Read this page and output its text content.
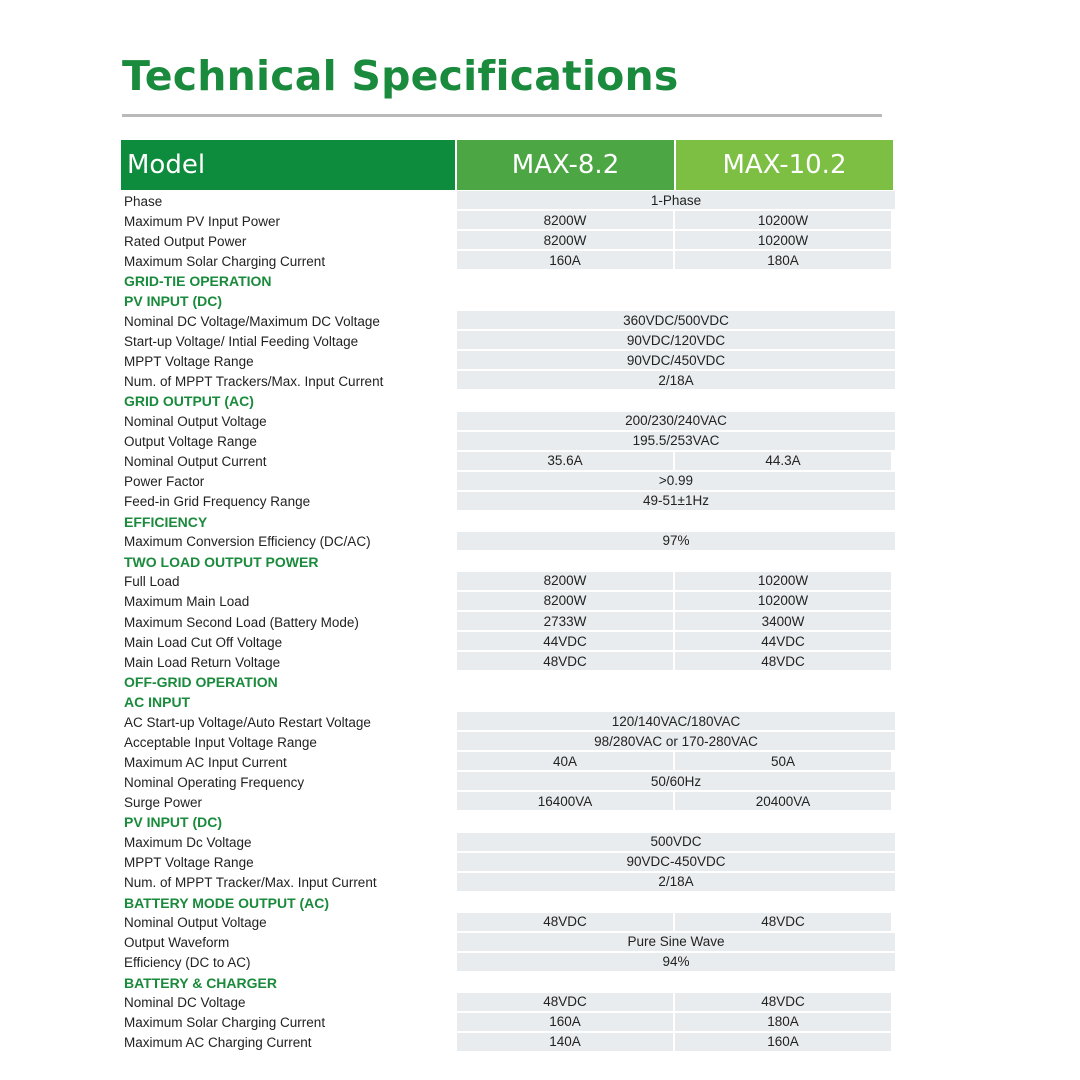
Technical Specifications
Model	MAX-8.2	MAX-10.2
Phase	1-Phase
Maximum PV Input Power	8200W	10200W
Rated Output Power	8200W	10200W
Maximum Solar Charging Current	160A	180A
GRID-TIE OPERATION
PV INPUT (DC)
Nominal DC Voltage/Maximum DC Voltage	360VDC/500VDC
Start-up Voltage/ Intial Feeding Voltage	90VDC/120VDC
MPPT Voltage Range	90VDC/450VDC
Num. of MPPT Trackers/Max. Input Current	2/18A
GRID OUTPUT (AC)
Nominal Output Voltage	200/230/240VAC
Output Voltage Range	195.5/253VAC
Nominal Output Current	35.6A	44.3A
Power Factor	>0.99
Feed-in Grid Frequency Range	49-51±1Hz
EFFICIENCY
Maximum Conversion Efficiency (DC/AC)	97%
TWO LOAD OUTPUT POWER
Full Load	8200W	10200W
Maximum Main Load	8200W	10200W
Maximum Second Load (Battery Mode)	2733W	3400W
Main Load Cut Off Voltage	44VDC	44VDC
Main Load Return Voltage	48VDC	48VDC
OFF-GRID OPERATION
AC INPUT
AC Start-up Voltage/Auto Restart Voltage	120/140VAC/180VAC
Acceptable Input Voltage Range	98/280VAC or 170-280VAC
Maximum AC Input Current	40A	50A
Nominal Operating Frequency	50/60Hz
Surge Power	16400VA	20400VA
PV INPUT (DC)
Maximum Dc Voltage	500VDC
MPPT Voltage Range	90VDC-450VDC
Num. of MPPT Tracker/Max. Input Current	2/18A
BATTERY MODE OUTPUT (AC)
Nominal Output Voltage	48VDC	48VDC
Output Waveform	Pure Sine Wave
Efficiency (DC to AC)	94%
BATTERY & CHARGER
Nominal DC Voltage	48VDC	48VDC
Maximum Solar Charging Current	160A	180A
Maximum AC Charging Current	140A	160A
